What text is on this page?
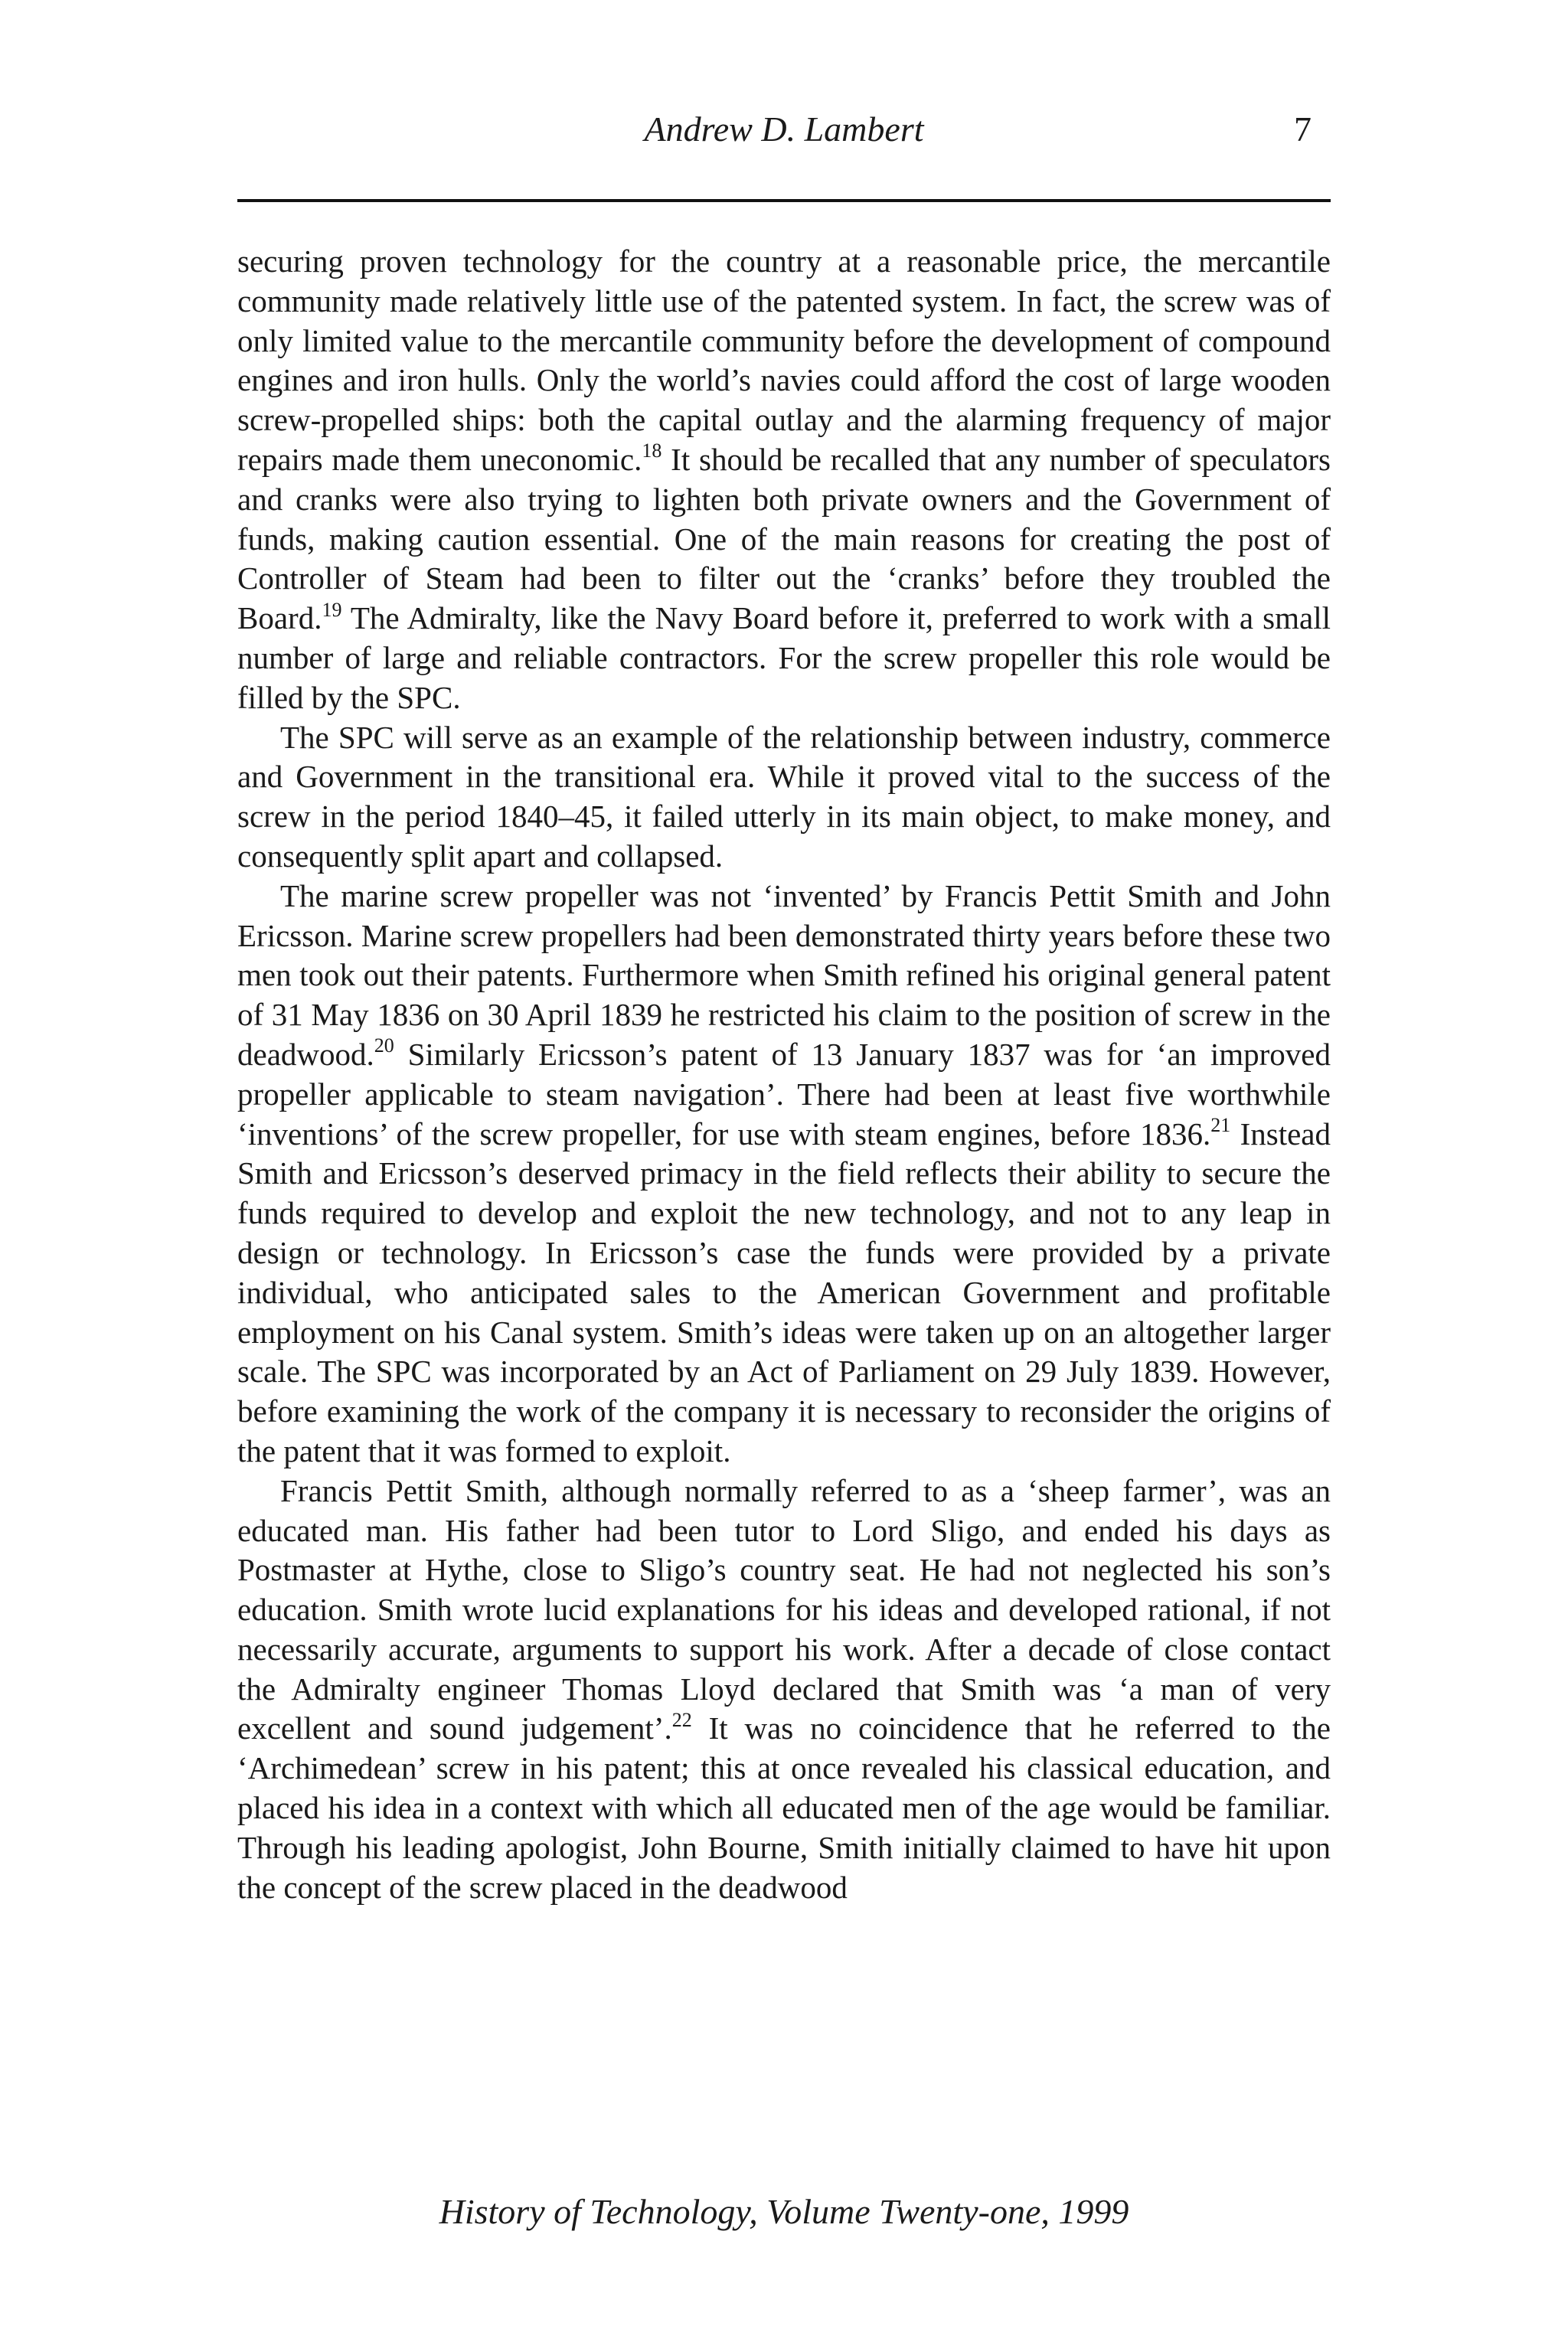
Andrew D. Lambert	7

securing proven technology for the country at a reasonable price, the mercantile community made relatively little use of the patented system. In fact, the screw was of only limited value to the mercantile community before the development of compound engines and iron hulls. Only the world’s navies could afford the cost of large wooden screw-propelled ships: both the capital outlay and the alarming frequency of major repairs made them uneconomic.$^{18}$ It should be recalled that any number of speculators and cranks were also trying to lighten both private owners and the Government of funds, making caution essential. One of the main reasons for creating the post of Controller of Steam had been to filter out the ‘cranks’ before they troubled the Board.$^{19}$ The Admiralty, like the Navy Board before it, preferred to work with a small number of large and reliable contractors. For the screw propeller this role would be filled by the SPC.

The SPC will serve as an example of the relationship between industry, commerce and Government in the transitional era. While it proved vital to the success of the screw in the period 1840–45, it failed utterly in its main object, to make money, and consequently split apart and collapsed.

The marine screw propeller was not ‘invented’ by Francis Pettit Smith and John Ericsson. Marine screw propellers had been demonstrated thirty years before these two men took out their patents. Furthermore when Smith refined his original general patent of 31 May 1836 on 30 April 1839 he restricted his claim to the position of screw in the deadwood.$^{20}$ Similarly Ericsson’s patent of 13 January 1837 was for ‘an improved propeller applicable to steam navigation’. There had been at least five worthwhile ‘inventions’ of the screw propeller, for use with steam engines, before 1836.21 Instead Smith and Ericsson’s deserved primacy in the field reflects their ability to secure the funds required to develop and exploit the new technology, and not to any leap in design or technology. In Ericsson’s case the funds were provided by a private individual, who anticipated sales to the American Government and profitable employment on his Canal system. Smith’s ideas were taken up on an altogether larger scale. The SPC was incorporated by an Act of Parliament on 29 July 1839. However, before examining the work of the company it is necessary to reconsider the origins of the patent that it was formed to exploit.

Francis Pettit Smith, although normally referred to as a ‘sheep farmer’, was an educated man. His father had been tutor to Lord Sligo, and ended his days as Postmaster at Hythe, close to Sligo’s country seat. He had not neglected his son’s education. Smith wrote lucid explanations for his ideas and developed rational, if not necessarily accurate, arguments to support his work. After a decade of close contact the Admiralty engineer Thomas Lloyd declared that Smith was ‘a man of very excellent and sound judgement’.$^{22}$ It was no coincidence that he referred to the ‘Archimedean’ screw in his patent; this at once revealed his classical education, and placed his idea in a context with which all educated men of the age would be familiar. Through his leading apologist, John Bourne, Smith initially claimed to have hit upon the concept of the screw placed in the deadwood

History of Technology, Volume Twenty-one, 1999
